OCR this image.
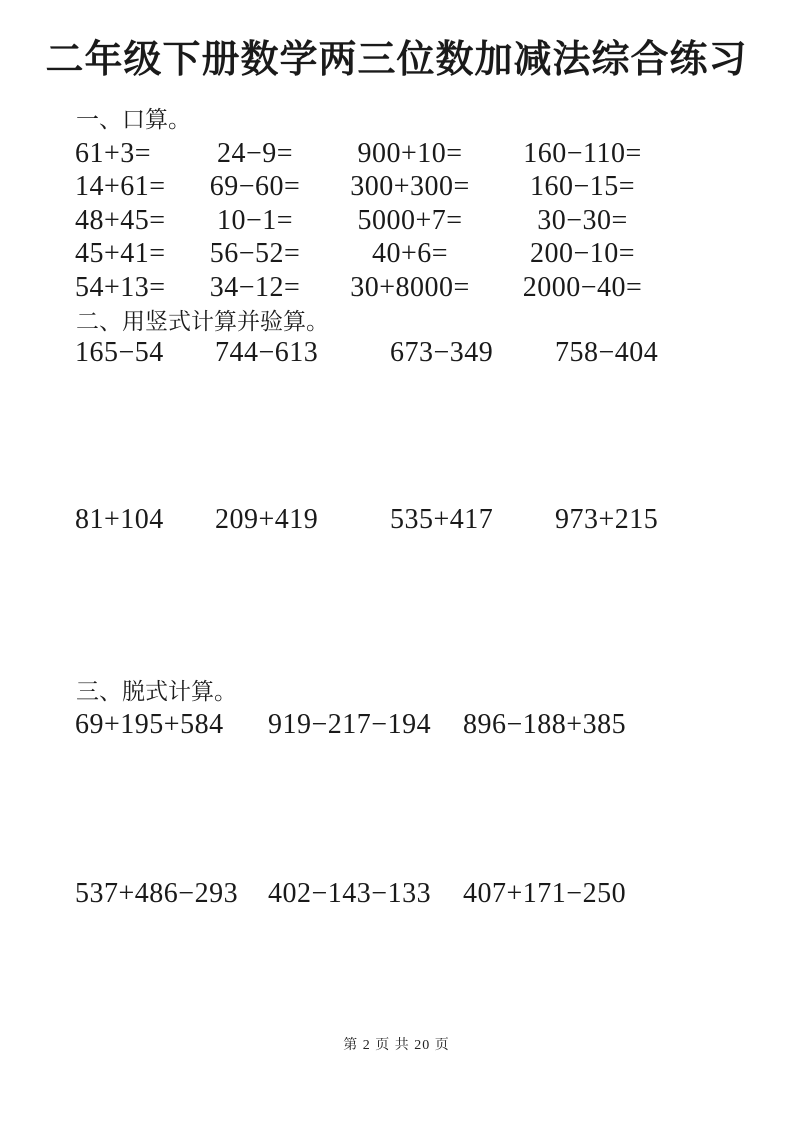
二年级下册数学两三位数加减法综合练习
一、口算。
61+3=	24−9=	900+10=	160−110=
14+61=	69−60=	300+300=	160−15=
48+45=	10−1=	5000+7=	30−30=
45+41=	56−52=	40+6=	200−10=
54+13=	34−12=	30+8000=	2000−40=
二、用竖式计算并验算。
165−54	744−613	673−349	758−404
81+104	209+419	535+417	973+215
三、脱式计算。
69+195+584	919−217−194	896−188+385
537+486−293	402−143−133	407+171−250
第 2 页 共 20 页
